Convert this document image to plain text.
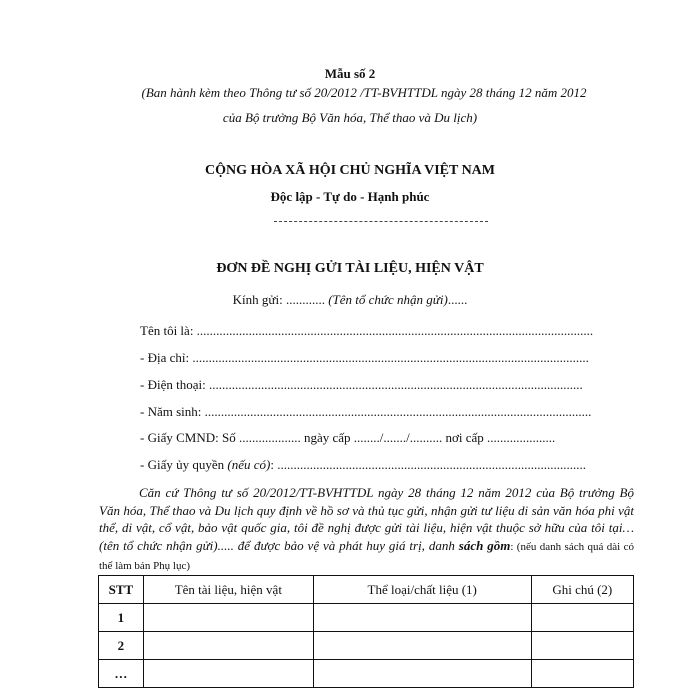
Mẫu số 2
(Ban hành kèm theo Thông tư số 20/2012 /TT-BVHTTDL ngày 28 tháng 12 năm 2012
của Bộ trưởng Bộ Văn hóa, Thể thao và Du lịch)
CỘNG HÒA XÃ HỘI CHỦ NGHĨA VIỆT NAM
Độc lập - Tự do - Hạnh phúc
ĐƠN ĐỀ NGHỊ GỬI TÀI LIỆU, HIỆN VẬT
Kính gửi: ............ (Tên tổ chức nhận gửi)......
Tên tôi là: ..........................................................................................................................
- Địa chỉ: ..........................................................................................................................
- Điện thoại: ...................................................................................................................
- Năm sinh: .......................................................................................................................
- Giấy CMND: Số ................... ngày cấp ......../......./.......... nơi cấp .....................
- Giấy ủy quyền (nếu có): ...............................................................................................
Căn cứ Thông tư số 20/2012/TT-BVHTTDL ngày 28 tháng 12 năm 2012 của Bộ trưởng Bộ Văn hóa, Thể thao và Du lịch quy định về hồ sơ và thủ tục gửi, nhận gửi tư liệu di sản văn hóa phi vật thể, di vật, cổ vật, bảo vật quốc gia, tôi đề nghị được gửi tài liệu, hiện vật thuộc sở hữu của tôi tại…(tên tổ chức nhận gửi)..... để được bảo vệ và phát huy giá trị, danh sách gồm: (nếu danh sách quá dài có thể làm bản Phụ lục)
STT	Tên tài liệu, hiện vật	Thể loại/chất liệu (1)	Ghi chú (2)
1			
2			
…			
